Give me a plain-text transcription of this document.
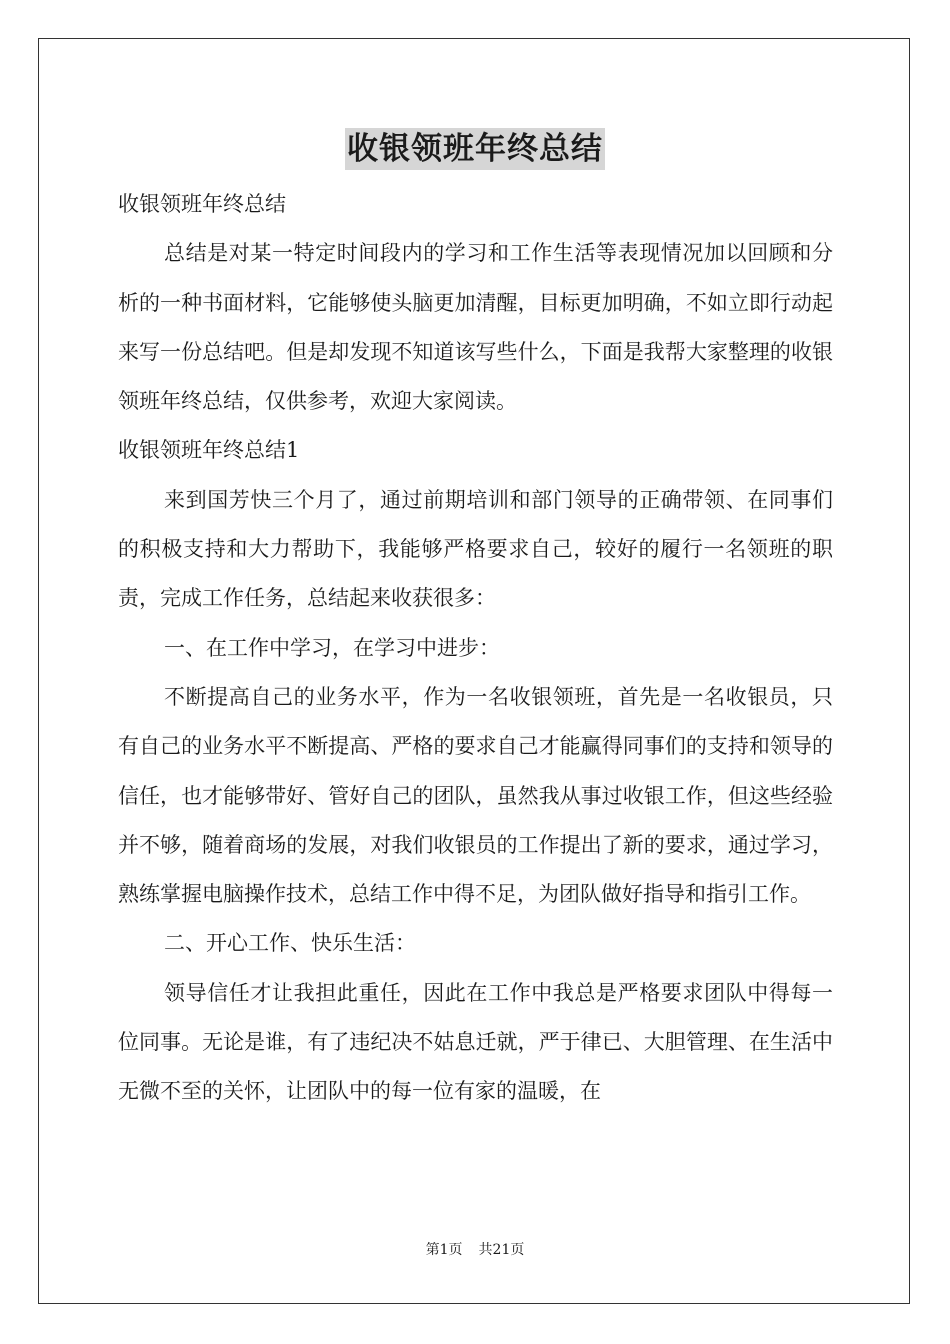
收银领班年终总结

收银领班年终总结

总结是对某一特定时间段内的学习和工作生活等表现情况加以回顾和分析的一种书面材料，它能够使头脑更加清醒，目标更加明确，不如立即行动起来写一份总结吧。但是却发现不知道该写些什么，下面是我帮大家整理的收银领班年终总结，仅供参考，欢迎大家阅读。

收银领班年终总结1

来到国芳快三个月了，通过前期培训和部门领导的正确带领、在同事们的积极支持和大力帮助下，我能够严格要求自己，较好的履行一名领班的职责，完成工作任务，总结起来收获很多：

一、在工作中学习，在学习中进步：

不断提高自己的业务水平，作为一名收银领班，首先是一名收银员，只有自己的业务水平不断提高、严格的要求自己才能赢得同事们的支持和领导的信任，也才能够带好、管好自己的团队，虽然我从事过收银工作，但这些经验并不够，随着商场的发展，对我们收银员的工作提出了新的要求，通过学习，熟练掌握电脑操作技术，总结工作中得不足，为团队做好指导和指引工作。

二、开心工作、快乐生活：

领导信任才让我担此重任，因此在工作中我总是严格要求团队中得每一位同事。无论是谁，有了违纪决不姑息迁就，严于律已、大胆管理、在生活中无微不至的关怀，让团队中的每一位有家的温暖，在

第1页 共21页
